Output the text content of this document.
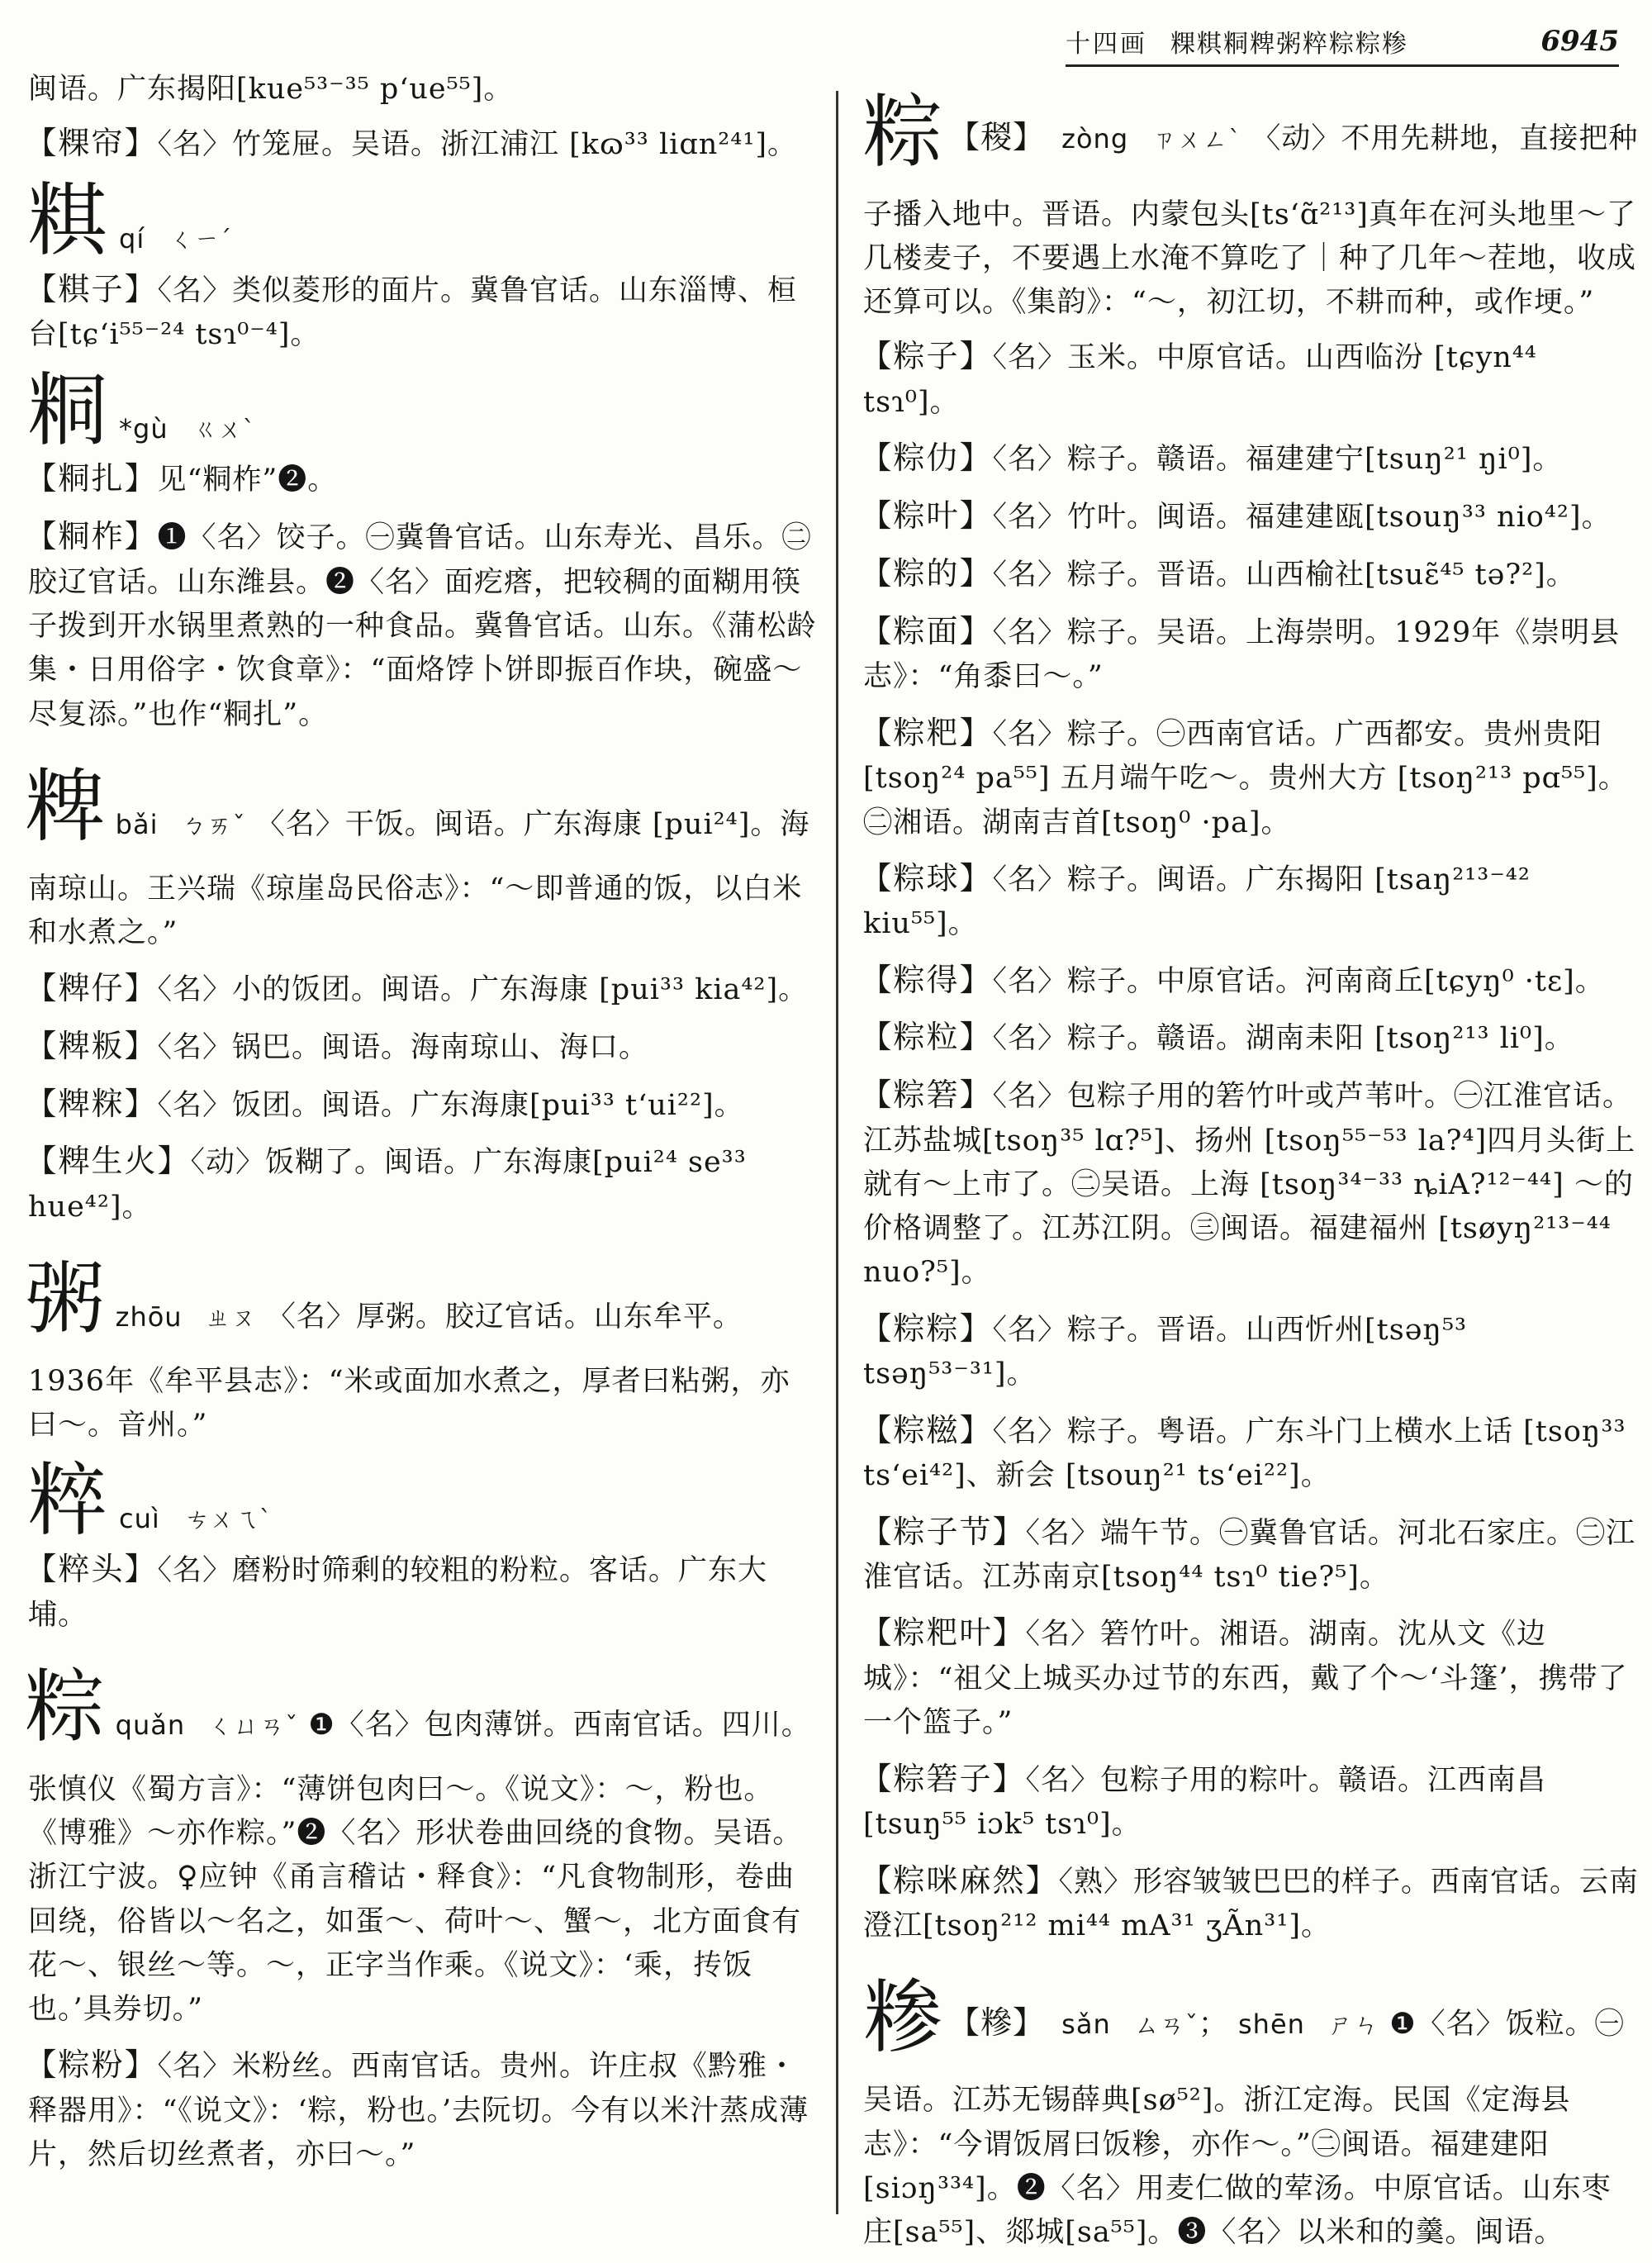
十四画 粿粸粡粺粥粹粽粽糁	6945

闽语。广东揭阳[kue⁵³⁻³⁵ p‘ue⁵⁵]。

【粿帘】〈名〉竹笼屉。吴语。浙江浦江 [kɷ³³ liɑn²⁴¹]。

粸 qí ㄑㄧˊ

【粸子】〈名〉类似菱形的面片。冀鲁官话。山东淄博、桓台[tɕ‘i⁵⁵⁻²⁴ tsɿ⁰⁻⁴]。

粡 *gù ㄍㄨˋ

【粡扎】见“粡柞”❷。

【粡柞】❶〈名〉饺子。㊀冀鲁官话。山东寿光、昌乐。㊁胶辽官话。山东潍县。❷〈名〉面疙瘩，把较稠的面糊用筷子拨到开水锅里煮熟的一种食品。冀鲁官话。山东。《蒲松龄集・日用俗字・饮食章》：“面烙饽卜饼即振百作块，碗盛～尽复添。”也作“粡扎”。

粺 bǎi ㄅㄞˇ 〈名〉干饭。闽语。广东海康 [pui²⁴]。海南琼山。王兴瑞《琼崖岛民俗志》：“～即普通的饭，以白米和水煮之。”

【粺仔】〈名〉小的饭团。闽语。广东海康 [pui³³ kia⁴²]。

【粺粄】〈名〉锅巴。闽语。海南琼山、海口。

【粺䊉】〈名〉饭团。闽语。广东海康[pui³³ t‘ui²²]。

【粺生火】〈动〉饭糊了。闽语。广东海康[pui²⁴ se³³ hue⁴²]。

粥 zhōu ㄓㄡ 〈名〉厚粥。胶辽官话。山东牟平。1936年《牟平县志》：“米或面加水煮之，厚者曰粘粥，亦曰～。音州。”

粹 cuì ㄘㄨㄟˋ

【粹头】〈名〉磨粉时筛剩的较粗的粉粒。客话。广东大埔。

粽 quǎn ㄑㄩㄢˇ ❶〈名〉包肉薄饼。西南官话。四川。张慎仪《蜀方言》：“薄饼包肉曰～。《说文》：～，粉也。《博雅》～亦作粽。”❷〈名〉形状卷曲回绕的食物。吴语。浙江宁波。♀应钟《甬言稽诂・释食》：“凡食物制形，卷曲回绕，俗皆以～名之，如蛋～、荷叶～、蟹～，北方面食有花～、银丝～等。～，正字当作乘。《说文》：‘乘，抟饭也。’具券切。”

【粽粉】〈名〉米粉丝。西南官话。贵州。许庄叔《黔雅・释器用》：“《说文》：‘粽，粉也。’去阮切。今有以米汁蒸成薄片，然后切丝煮者，亦曰～。”

粽 【稯】 zòng ㄗㄨㄥˋ 〈动〉不用先耕地，直接把种子播入地中。晋语。内蒙包头[ts‘ɑ̃²¹³]真年在河头地里～了几楼麦子，不要遇上水淹不算吃了｜种了几年～茬地，收成还算可以。《集韵》：“～，初江切，不耕而种，或作埂。”

【粽子】〈名〉玉米。中原官话。山西临汾 [tɕyn⁴⁴ tsɿ⁰]。

【粽仂】〈名〉粽子。赣语。福建建宁[tsuŋ²¹ ŋi⁰]。

【粽叶】〈名〉竹叶。闽语。福建建瓯[tsouŋ³³ nio⁴²]。

【粽的】〈名〉粽子。晋语。山西榆社[tsuɛ̃⁴⁵ tə?²]。

【粽面】〈名〉粽子。吴语。上海崇明。1929年《崇明县志》：“角黍曰～。”

【粽粑】〈名〉粽子。㊀西南官话。广西都安。贵州贵阳[tsoŋ²⁴ pa⁵⁵] 五月端午吃～。贵州大方 [tsoŋ²¹³ pɑ⁵⁵]。㊁湘语。湖南吉首[tsoŋ⁰ ·pa]。

【粽球】〈名〉粽子。闽语。广东揭阳 [tsaŋ²¹³⁻⁴² kiu⁵⁵]。

【粽得】〈名〉粽子。中原官话。河南商丘[tɕyŋ⁰ ·tɛ]。

【粽粒】〈名〉粽子。赣语。湖南耒阳 [tsoŋ²¹³ li⁰]。

【粽箬】〈名〉包粽子用的箬竹叶或芦苇叶。㊀江淮官话。江苏盐城[tsoŋ³⁵ lɑ?⁵]、扬州 [tsoŋ⁵⁵⁻⁵³ la?⁴]四月头街上就有～上市了。㊁吴语。上海 [tsoŋ³⁴⁻³³ ȵiA?¹²⁻⁴⁴] ～的价格调整了。江苏江阴。㊂闽语。福建福州 [tsøyŋ²¹³⁻⁴⁴ nuo?⁵]。

【粽粽】〈名〉粽子。晋语。山西忻州[tsəŋ⁵³ tsəŋ⁵³⁻³¹]。

【粽糍】〈名〉粽子。粤语。广东斗门上横水上话 [tsoŋ³³ ts‘ei⁴²]、新会 [tsouŋ²¹ ts‘ei²²]。

【粽子节】〈名〉端午节。㊀冀鲁官话。河北石家庄。㊁江淮官话。江苏南京[tsoŋ⁴⁴ tsɿ⁰ tie?⁵]。

【粽粑叶】〈名〉箬竹叶。湘语。湖南。沈从文《边城》：“祖父上城买办过节的东西，戴了个～‘斗篷’，携带了一个篮子。”

【粽箬子】〈名〉包粽子用的粽叶。赣语。江西南昌 [tsuŋ⁵⁵ iɔk⁵ tsɿ⁰]。

【粽咪麻然】〈熟〉形容皱皱巴巴的样子。西南官话。云南澄江[tsoŋ²¹² mi⁴⁴ mA³¹ ʒÃn³¹]。

糁 【糝】 sǎn ㄙㄢˇ； shēn ㄕㄣ ❶〈名〉饭粒。㊀吴语。江苏无锡薛典[sø⁵²]。浙江定海。民国《定海县志》：“今谓饭屑曰饭糁，亦作～。”㊁闽语。福建建阳[siɔŋ³³⁴]。❷〈名〉用麦仁做的荤汤。中原官话。山东枣庄[sa⁵⁵]、郯城[sa⁵⁵]。❸〈名〉以米和的羹。闽语。
